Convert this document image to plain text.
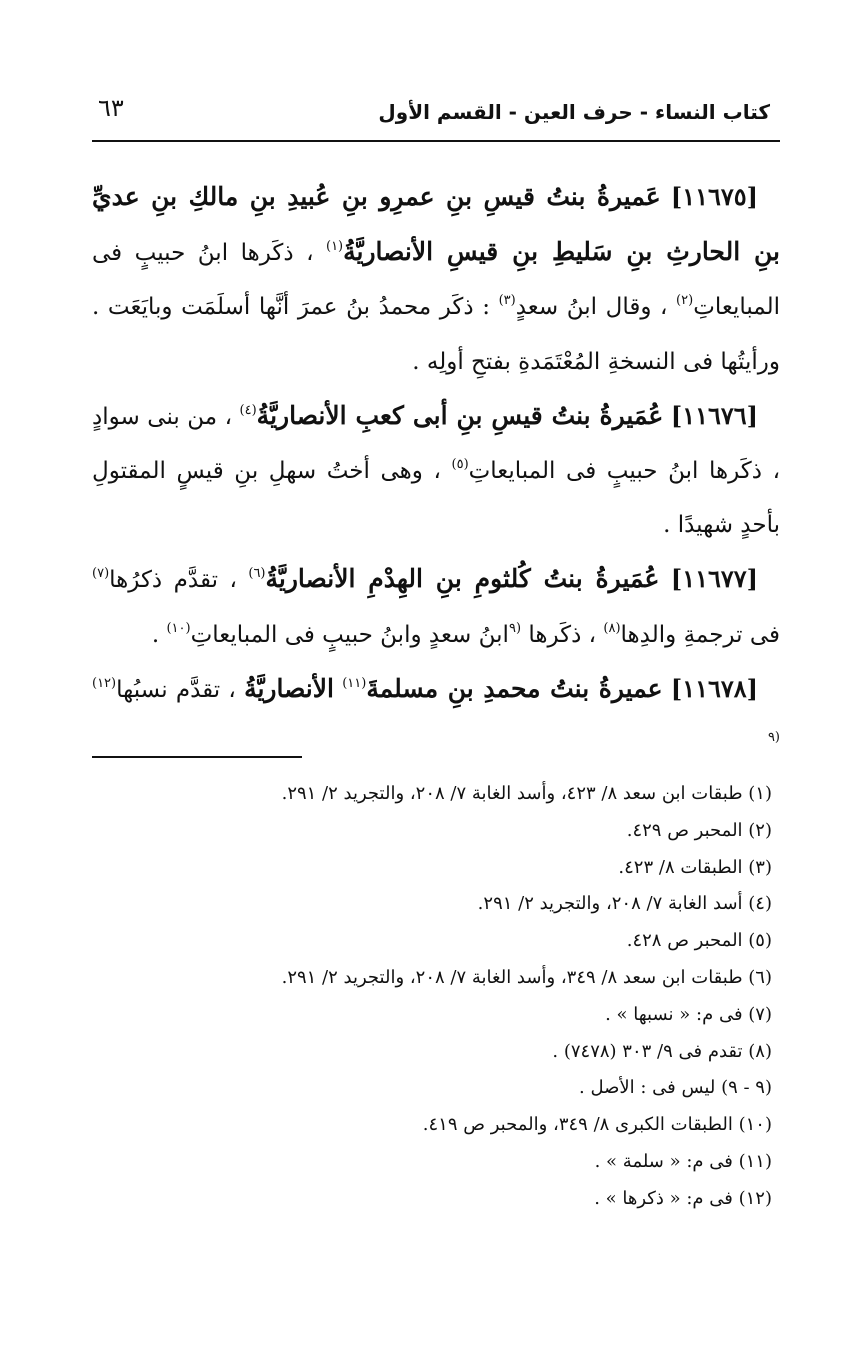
كتاب النساء - حرف العين - القسم الأول
٦٣

[١١٦٧٥] عَميرةُ بنتُ قيسِ بنِ عمرِو بنِ عُبيدِ بنِ مالكِ بنِ عديِّ بنِ الحارثِ بنِ سَليطِ بنِ قيسِ الأنصاريَّةُ$^{(١)}$ ، ذكَرها ابنُ حبيبٍ فى المبايعاتِ$^{(٢)}$ ، وقال ابنُ سعدٍ$^{(٣)}$ : ذكَر محمدُ بنُ عمرَ أنَّها أسلَمَت وبايَعَت . ورأيتُها فى النسخةِ المُعْتَمَدةِ بفتحِ أولِه .

[١١٦٧٦] عُمَيرةُ بنتُ قيسِ بنِ أبى كعبِ الأنصاريَّةُ$^{(٤)}$ ، من بنى سوادٍ ، ذكَرها ابنُ حبيبٍ فى المبايعاتِ$^{(٥)}$ ، وهى أختُ سهلِ بنِ قيسٍ المقتولِ بأحدٍ شهيدًا .

[١١٦٧٧] عُمَيرةُ بنتُ كُلثومِ بنِ الهِدْمِ الأنصاريَّةُ$^{(٦)}$ ، تقدَّم ذكرُها$^{(٧)}$ فى ترجمةِ والدِها$^{(٨)}$ ، ذكَرها $^{(٩}$ابنُ سعدٍ وابنُ حبيبٍ فى المبايعاتِ$^{(١٠)}$ .

[١١٦٧٨] عميرةُ بنتُ محمدِ بنِ مسلمةَ$^{(١١)}$ الأنصاريَّةُ ، تقدَّم نسبُها$^{(١٢)(٩}$

(١) طبقات ابن سعد ٨/ ٤٢٣، وأسد الغابة ٧/ ٢٠٨، والتجريد ٢/ ٢٩١.
(٢) المحبر ص ٤٢٩.
(٣) الطبقات ٨/ ٤٢٣.
(٤) أسد الغابة ٧/ ٢٠٨، والتجريد ٢/ ٢٩١.
(٥) المحبر ص ٤٢٨.
(٦) طبقات ابن سعد ٨/ ٣٤٩، وأسد الغابة ٧/ ٢٠٨، والتجريد ٢/ ٢٩١.
(٧) فى م: « نسبها » .
(٨) تقدم فى ٩/ ٣٠٣ (٧٤٧٨) .
(٩ - ٩) ليس فى : الأصل .
(١٠) الطبقات الكبرى ٨/ ٣٤٩، والمحبر ص ٤١٩.
(١١) فى م: « سلمة » .
(١٢) فى م: « ذكرها » .
